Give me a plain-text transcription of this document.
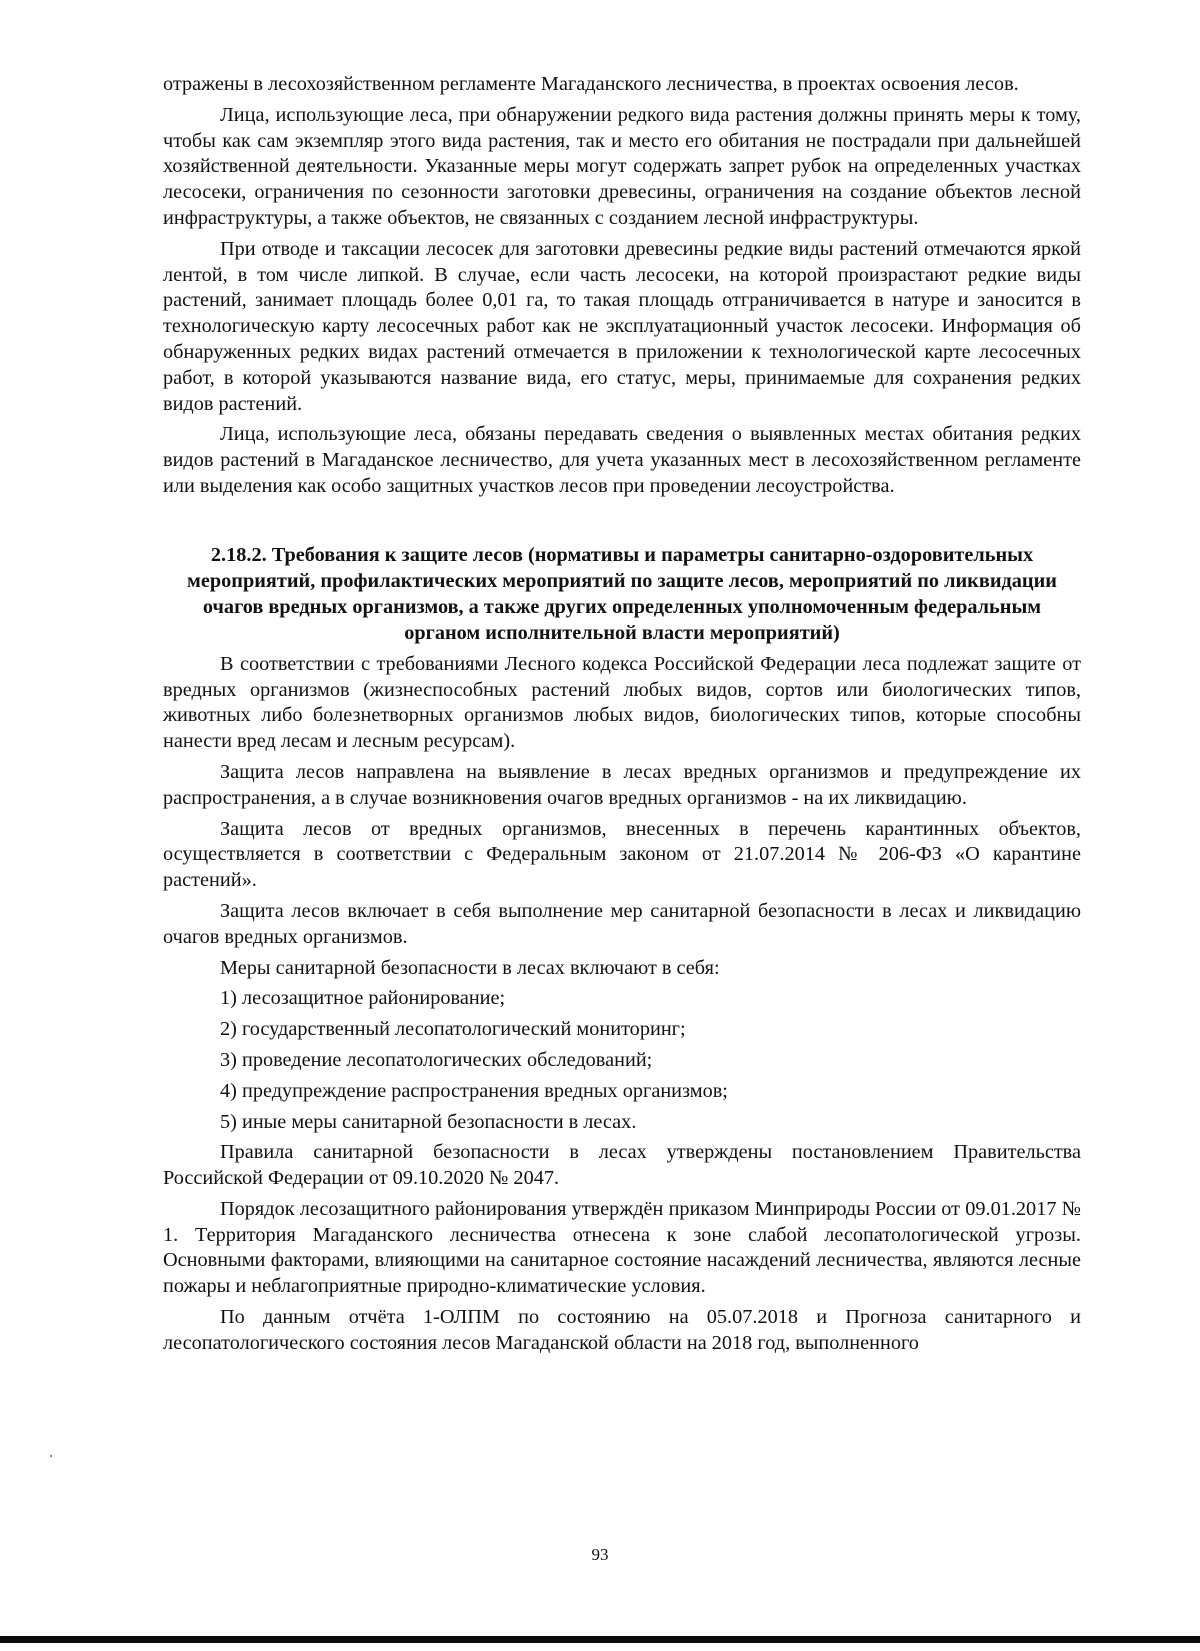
отражены в лесохозяйственном регламенте Магаданского лесничества, в проектах освоения лесов.

Лица, использующие леса, при обнаружении редкого вида растения должны принять меры к тому, чтобы как сам экземпляр этого вида растения, так и место его обитания не пострадали при дальнейшей хозяйственной деятельности. Указанные меры могут содержать запрет рубок на определенных участках лесосеки, ограничения по сезонности заготовки древесины, ограничения на создание объектов лесной инфраструктуры, а также объектов, не связанных с созданием лесной инфраструктуры.

При отводе и таксации лесосек для заготовки древесины редкие виды растений отмечаются яркой лентой, в том числе липкой. В случае, если часть лесосеки, на которой произрастают редкие виды растений, занимает площадь более 0,01 га, то такая площадь отграничивается в натуре и заносится в технологическую карту лесосечных работ как не эксплуатационный участок лесосеки. Информация об обнаруженных редких видах растений отмечается в приложении к технологической карте лесосечных работ, в которой указываются название вида, его статус, меры, принимаемые для сохранения редких видов растений.

Лица, использующие леса, обязаны передавать сведения о выявленных местах обитания редких видов растений в Магаданское лесничество, для учета указанных мест в лесохозяйственном регламенте или выделения как особо защитных участков лесов при проведении лесоустройства.

2.18.2. Требования к защите лесов (нормативы и параметры санитарно-оздоровительных мероприятий, профилактических мероприятий по защите лесов, мероприятий по ликвидации очагов вредных организмов, а также других определенных уполномоченным федеральным органом исполнительной власти мероприятий)

В соответствии с требованиями Лесного кодекса Российской Федерации леса подлежат защите от вредных организмов (жизнеспособных растений любых видов, сортов или биологических типов, животных либо болезнетворных организмов любых видов, биологических типов, которые способны нанести вред лесам и лесным ресурсам).

Защита лесов направлена на выявление в лесах вредных организмов и предупреждение их распространения, а в случае возникновения очагов вредных организмов - на их ликвидацию.

Защита лесов от вредных организмов, внесенных в перечень карантинных объектов, осуществляется в соответствии с Федеральным законом от 21.07.2014 № 206-ФЗ «О карантине растений».

Защита лесов включает в себя выполнение мер санитарной безопасности в лесах и ликвидацию очагов вредных организмов.

Меры санитарной безопасности в лесах включают в себя:

1) лесозащитное районирование;
2) государственный лесопатологический мониторинг;
3) проведение лесопатологических обследований;
4) предупреждение распространения вредных организмов;
5) иные меры санитарной безопасности в лесах.

Правила санитарной безопасности в лесах утверждены постановлением Правительства Российской Федерации от 09.10.2020 № 2047.

Порядок лесозащитного районирования утверждён приказом Минприроды России от 09.01.2017 № 1. Территория Магаданского лесничества отнесена к зоне слабой лесопатологической угрозы. Основными факторами, влияющими на санитарное состояние насаждений лесничества, являются лесные пожары и неблагоприятные природно-климатические условия.

По данным отчёта 1-ОЛПМ по состоянию на 05.07.2018 и Прогноза санитарного и лесопатологического состояния лесов Магаданской области на 2018 год, выполненного

93
